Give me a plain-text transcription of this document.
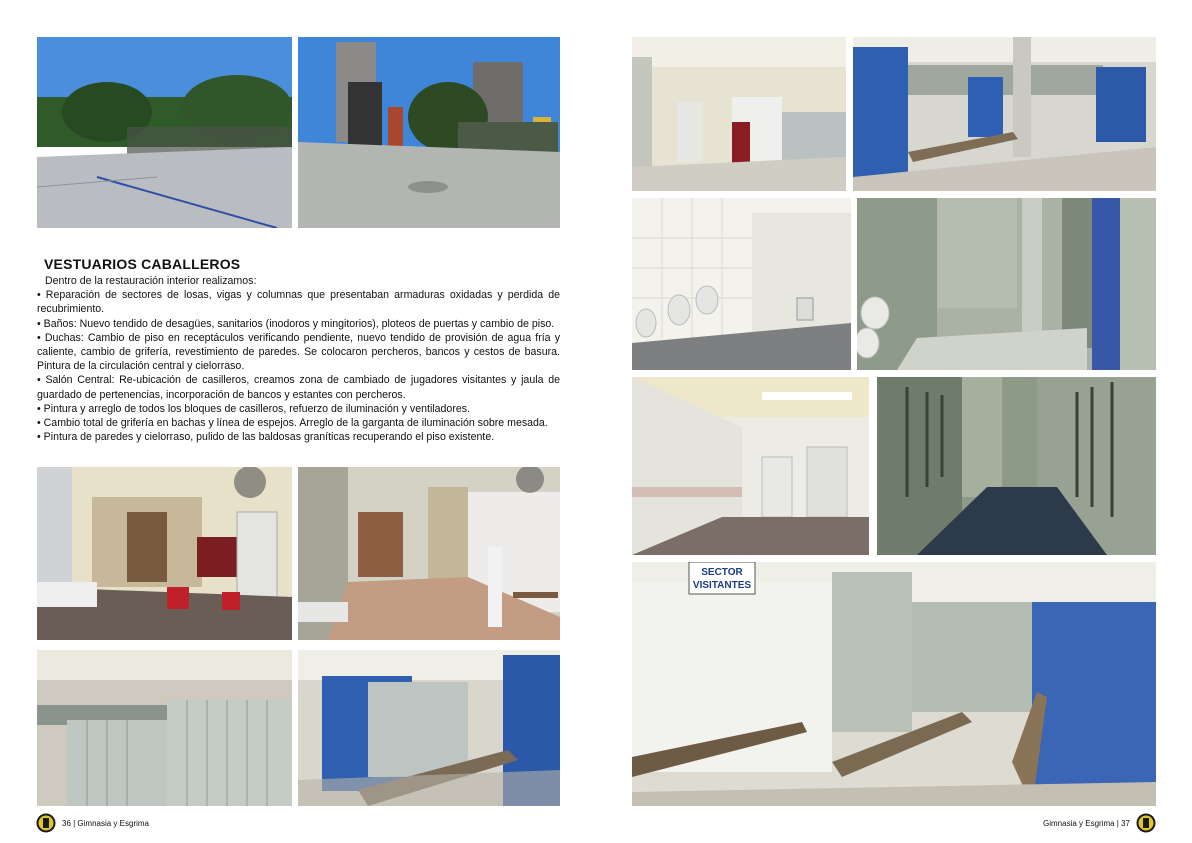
VESTUARIOS CABALLEROS

Dentro de la restauración interior realizamos:

• Reparación de sectores de losas, vigas y columnas que presentaban armaduras oxidadas y perdida de recubrimiento.

• Baños: Nuevo tendido de desagües, sanitarios (inodoros y mingitorios), ploteos de puertas y cambio de piso.

• Duchas: Cambio de piso en receptáculos verificando pendiente, nuevo tendido de provisión de agua fría y caliente, cambio de grifería, revestimiento de paredes. Se colocaron percheros, bancos y cestos de basura. Pintura de la circulación central y cielorraso.

• Salón Central: Re-ubicación de casilleros, creamos zona de cambiado de jugadores visitantes y jaula de guardado de pertenencias, incorporación de bancos y estantes con percheros.

• Pintura y arreglo de todos los bloques de casilleros, refuerzo de iluminación y ventiladores.

• Cambio total de grifería en bachas y línea de espejos. Arreglo de la garganta de iluminación sobre mesada.

• Pintura de paredes y cielorraso, pulido de las baldosas graníticas recuperando el piso existente.

36 | Gimnasia y Esgrima
SECTOR
VISITANTES
Gimnasia y Esgrima | 37
